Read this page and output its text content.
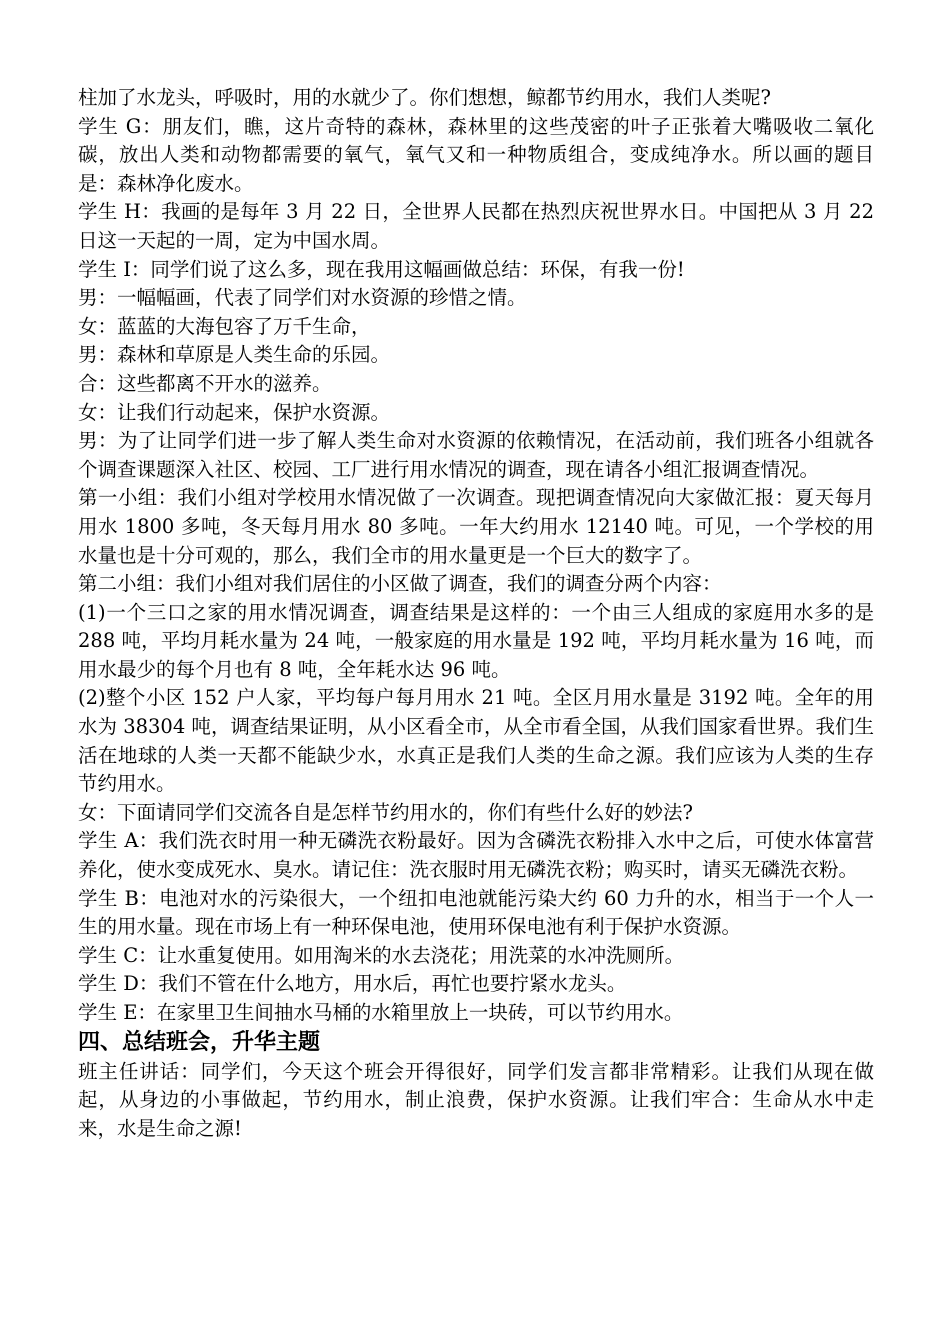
柱加了水龙头，呼吸时，用的水就少了。你们想想，鲸都节约用水，我们人类呢?

学生 G：朋友们，瞧，这片奇特的森林，森林里的这些茂密的叶子正张着大嘴吸收二氧化碳，放出人类和动物都需要的氧气，氧气又和一种物质组合，变成纯净水。所以画的题目是：森林净化废水。

学生 H：我画的是每年 3 月 22 日，全世界人民都在热烈庆祝世界水日。中国把从 3 月 22 日这一天起的一周，定为中国水周。

学生 I：同学们说了这么多，现在我用这幅画做总结：环保，有我一份!

男：一幅幅画，代表了同学们对水资源的珍惜之情。

女：蓝蓝的大海包容了万千生命，

男：森林和草原是人类生命的乐园。

合：这些都离不开水的滋养。

女：让我们行动起来，保护水资源。

男：为了让同学们进一步了解人类生命对水资源的依赖情况，在活动前，我们班各小组就各个调查课题深入社区、校园、工厂进行用水情况的调查，现在请各小组汇报调查情况。

第一小组：我们小组对学校用水情况做了一次调查。现把调查情况向大家做汇报：夏天每月用水 1800 多吨，冬天每月用水 80 多吨。一年大约用水 12140 吨。可见，一个学校的用水量也是十分可观的，那么，我们全市的用水量更是一个巨大的数字了。

第二小组：我们小组对我们居住的小区做了调查，我们的调查分两个内容：

(1)一个三口之家的用水情况调查，调查结果是这样的：一个由三人组成的家庭用水多的是 288 吨，平均月耗水量为 24 吨，一般家庭的用水量是 192 吨，平均月耗水量为 16 吨，而用水最少的每个月也有 8 吨，全年耗水达 96 吨。

(2)整个小区 152 户人家，平均每户每月用水 21 吨。全区月用水量是 3192 吨。全年的用水为 38304 吨，调查结果证明，从小区看全市，从全市看全国，从我们国家看世界。我们生活在地球的人类一天都不能缺少水，水真正是我们人类的生命之源。我们应该为人类的生存节约用水。

女：下面请同学们交流各自是怎样节约用水的，你们有些什么好的妙法?

学生 A：我们洗衣时用一种无磷洗衣粉最好。因为含磷洗衣粉排入水中之后，可使水体富营养化，使水变成死水、臭水。请记住：洗衣服时用无磷洗衣粉；购买时，请买无磷洗衣粉。

学生 B：电池对水的污染很大，一个纽扣电池就能污染大约 60 力升的水，相当于一个人一生的用水量。现在市场上有一种环保电池，使用环保电池有利于保护水资源。

学生 C：让水重复使用。如用淘米的水去浇花；用洗菜的水冲洗厕所。

学生 D：我们不管在什么地方，用水后，再忙也要拧紧水龙头。

学生 E：在家里卫生间抽水马桶的水箱里放上一块砖，可以节约用水。

四、总结班会，升华主题

班主任讲话：同学们，今天这个班会开得很好，同学们发言都非常精彩。让我们从现在做起，从身边的小事做起，节约用水，制止浪费，保护水资源。让我们牢合：生命从水中走来，水是生命之源!
